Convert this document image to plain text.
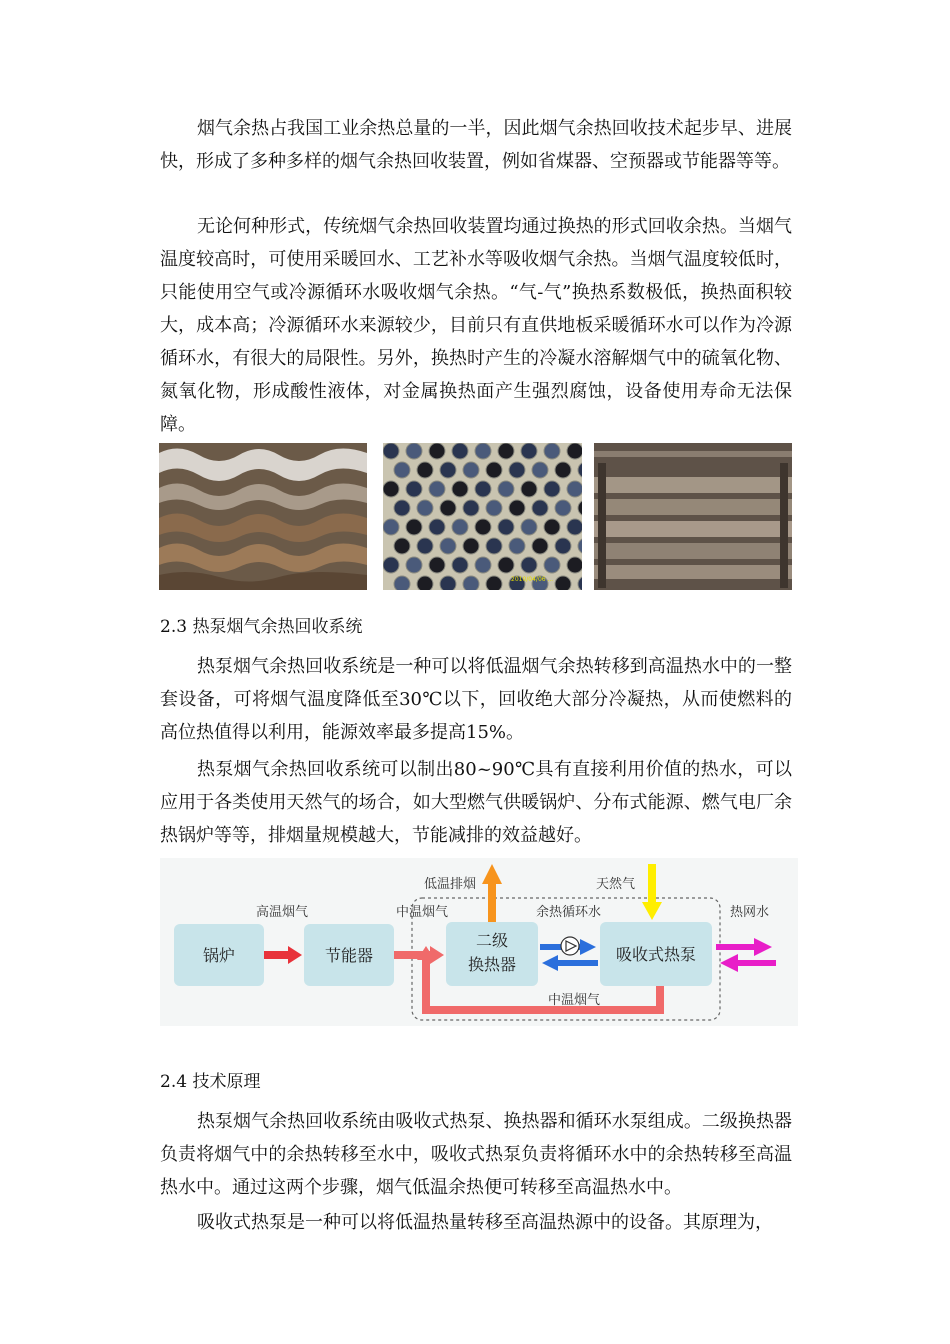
烟气余热占我国工业余热总量的一半，因此烟气余热回收技术起步早、进展快，形成了多种多样的烟气余热回收装置，例如省煤器、空预器或节能器等等。

无论何种形式，传统烟气余热回收装置均通过换热的形式回收余热。当烟气温度较高时，可使用采暖回水、工艺补水等吸收烟气余热。当烟气温度较低时，只能使用空气或冷源循环水吸收烟气余热。“气-气”换热系数极低，换热面积较大，成本高；冷源循环水来源较少，目前只有直供地板采暖循环水可以作为冷源循环水，有很大的局限性。另外，换热时产生的冷凝水溶解烟气中的硫氧化物、氮氧化物，形成酸性液体，对金属换热面产生强烈腐蚀，设备使用寿命无法保障。

2010/04/06 ...

2.3 热泵烟气余热回收系统

热泵烟气余热回收系统是一种可以将低温烟气余热转移到高温热水中的一整套设备，可将烟气温度降低至30℃以下，回收绝大部分冷凝热，从而使燃料的高位热值得以利用，能源效率最多提高15%。

热泵烟气余热回收系统可以制出80~90℃具有直接利用价值的热水，可以应用于各类使用天然气的场合，如大型燃气供暖锅炉、分布式能源、燃气电厂余热锅炉等等，排烟量规模越大，节能减排的效益越好。

锅炉	节能器
二级
换热器
吸收式热泵
高温烟气	中温烟气
低温排烟
余热循环水
天然气
热网水
中温烟气

2.4 技术原理

热泵烟气余热回收系统由吸收式热泵、换热器和循环水泵组成。二级换热器负责将烟气中的余热转移至水中，吸收式热泵负责将循环水中的余热转移至高温热水中。通过这两个步骤，烟气低温余热便可转移至高温热水中。

吸收式热泵是一种可以将低温热量转移至高温热源中的设备。其原理为，
